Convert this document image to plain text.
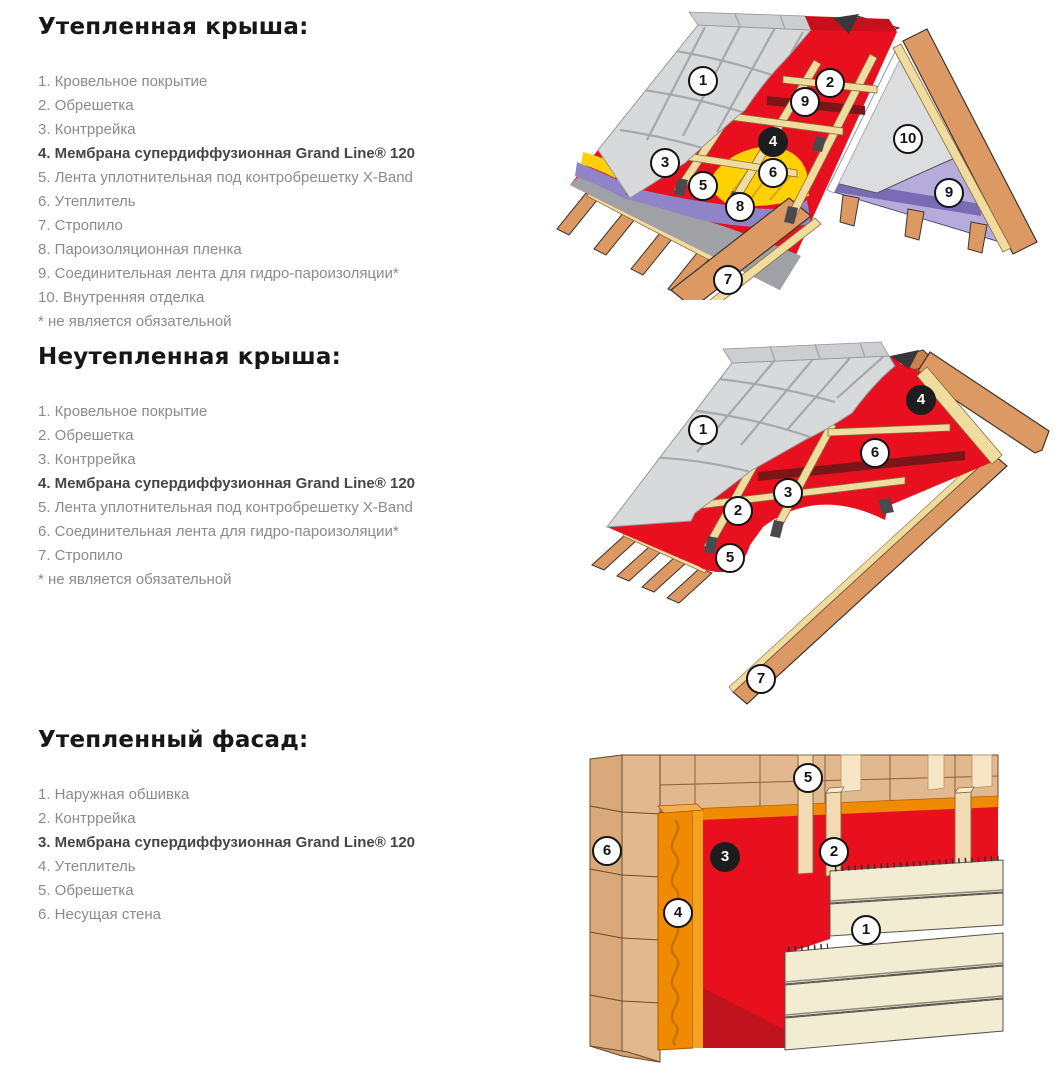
Утепленная крыша:
1. Кровельное покрытие
2. Обрешетка
3. Контррейка
4. Мембрана супердиффузионная Grand Line® 120
5. Лента уплотнительная под контробрешетку X-Band
6. Утеплитель
7. Стропило
8. Пароизоляционная пленка
9. Соединительная лента для гидро-пароизоляции*
10. Внутренняя отделка
* не является обязательной
Неутепленная крыша:
1. Кровельное покрытие
2. Обрешетка
3. Контррейка
4. Мембрана супердиффузионная Grand Line® 120
5. Лента уплотнительная под контробрешетку X-Band
6. Соединительная лента для гидро-пароизоляции*
7. Стропило
* не является обязательной
Утепленный фасад:
1. Наружная обшивка
2. Контррейка
3. Мембрана супердиффузионная Grand Line® 120
4. Утеплитель
5. Обрешетка
6. Несущая стена
1	2
9
4
3
6
5
8
7
10
9
1
4
6
3
2
5
7
6
5
4
3	2
1
